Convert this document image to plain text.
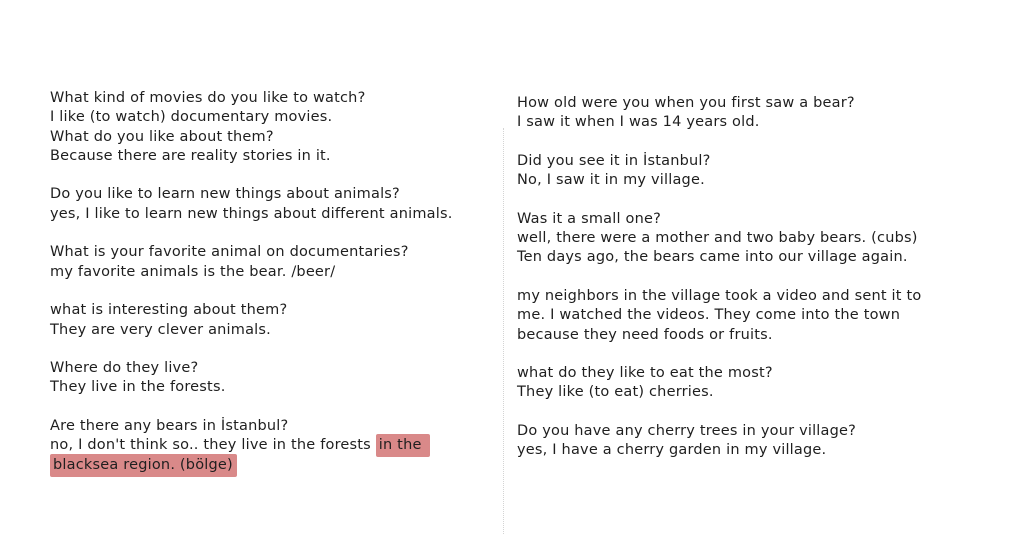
What kind of movies do you like to watch?
I like (to watch) documentary movies.
What do you like about them?
Because there are reality stories in it.
Do you like to learn new things about animals?
yes, I like to learn new things about different animals.
What is your favorite animal on documentaries?
my favorite animals is the bear. /beer/
what is interesting about them?
They are very clever animals.
Where do they live?
They live in the forests.
Are there any bears in İstanbul?
no, I don't think so.. they live in the forests in the
blacksea region. (bölge)
How old were you when you first saw a bear?
I saw it when I was 14 years old.
Did you see it in İstanbul?
No, I saw it in my village.
Was it a small one?
well, there were a mother and two baby bears. (cubs)
Ten days ago, the bears came into our village again.
my neighbors in the village took a video and sent it to
me. I watched the videos. They come into the town
because they need foods or fruits.
what do they like to eat the most?
They like (to eat) cherries.
Do you have any cherry trees in your village?
yes, I have a cherry garden in my village.
